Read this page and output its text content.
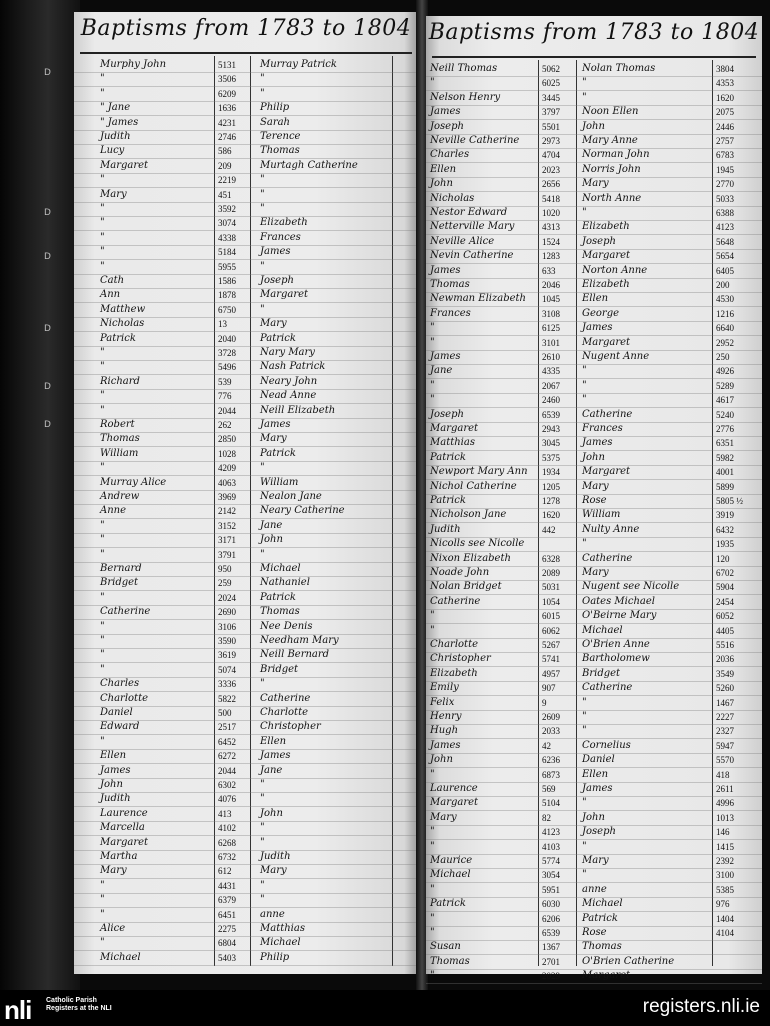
D
D
D
D
D
D
Baptisms from 1783 to 1804
Murphy John	5131 Murray Patrick
"	3506 "
"	6209 "
" Jane	1636 Philip
" James	4231 Sarah
Judith	2746 Terence
Lucy	586	Thomas
Margaret	209	Murtagh Catherine
"	2219 "
Mary	451	"
"	3592 "
"	3074 Elizabeth
"	4338 Frances
"	5184 James
"	5955 "
Cath	1586 Joseph
Ann	1878 Margaret
Matthew	6750 "
Nicholas	13	Mary
Patrick	2040 Patrick
"	3728 Nary Mary
"	5496 Nash Patrick
Richard	539	Neary John
"	776	Nead Anne
"	2044 Neill Elizabeth
Robert	262	James
Thomas	2850 Mary
William	1028 Patrick
"	4209 "
Murray Alice	4063 William
Andrew	3969 Nealon Jane
Anne	2142 Neary Catherine
"	3152 Jane
"	3171 John
"	3791 "
Bernard	950	Michael
Bridget	259	Nathaniel
"	2024 Patrick
Catherine	2690 Thomas
"	3106 Nee Denis
"	3590 Needham Mary
"	3619 Neill Bernard
"	5074 Bridget
Charles	3336 "
Charlotte	5822 Catherine
Daniel	500	Charlotte
Edward	2517 Christopher
"	6452 Ellen
Ellen	6272 James
James	2044 Jane
John	6302 "
Judith	4076 "
Laurence	413	John
Marcella	4102 "
Margaret	6268 "
Martha	6732 Judith
Mary	612	Mary
"	4431 "
"	6379 "
"	6451 anne
Alice	2275 Matthias
"	6804 Michael
Michael	5403 Philip
Baptisms from 1783 to 1804
Neill Thomas	5062 Nolan Thomas	3804
"	6025 "	4353
Nelson Henry	3445 "	1620
James	3797 Noon Ellen	2075
Joseph	5501 John	2446
Neville Catherine	2973 Mary Anne	2757
Charles	4704 Norman John	6783
Ellen	2023 Norris John	1945
John	2656 Mary	2770
Nicholas	5418 North Anne	5033
Nestor Edward	1020 "	6388
Netterville Mary	4313 Elizabeth	4123
Neville Alice	1524 Joseph	5648
Nevin Catherine	1283 Margaret	5654
James	633	Norton Anne	6405
Thomas	2046 Elizabeth	200
Newman Elizabeth 1045 Ellen	4530
Frances	3108 George	1216
"	6125 James	6640
"	3101 Margaret	2952
James	2610 Nugent Anne	250
Jane	4335 "	4926
"	2067 "	5289
"	2460 "	4617
Joseph	6539 Catherine	5240
Margaret	2943 Frances	2776
Matthias	3045 James	6351
Patrick	5375 John	5982
Newport Mary Ann 1934 Margaret	4001
Nichol Catherine	1205 Mary	5899
Patrick	1278 Rose	5805 ½
Nicholson Jane	1620 William	3919
Judith	442	Nulty Anne	6432
Nicolls see Nicolle	"	1935
Nixon Elizabeth	6328 Catherine	120
Noade John	2089 Mary	6702
Nolan Bridget	5031 Nugent see Nicolle	5904
Catherine	1054 Oates Michael	2454
"	6015 O'Beirne Mary	6052
"	6062 Michael	4405
Charlotte	5267 O'Brien Anne	5516
Christopher	5741 Bartholomew	2036
Elizabeth	4957 Bridget	3549
Emily	907	Catherine	5260
Felix	9	"	1467
Henry	2609 "	2227
Hugh	2033 "	2327
James	42	Cornelius	5947
John	6236 Daniel	5570
"	6873 Ellen	418
Laurence	569	James	2611
Margaret	5104 "	4996
Mary	82	John	1013
"	4123 Joseph	146
"	4103 "	1415
Maurice	5774 Mary	2392
Michael	3054 "	3100
"	5951 anne	5385
Patrick	6030 Michael	976
"	6206 Patrick	1404
"	6539 Rose	4104
Susan	1367 Thomas
Thomas	2701 O'Brien Catherine
"	2029 Margaret
nli Catholic Parish Registers at the NLI	registers.nli.ie
